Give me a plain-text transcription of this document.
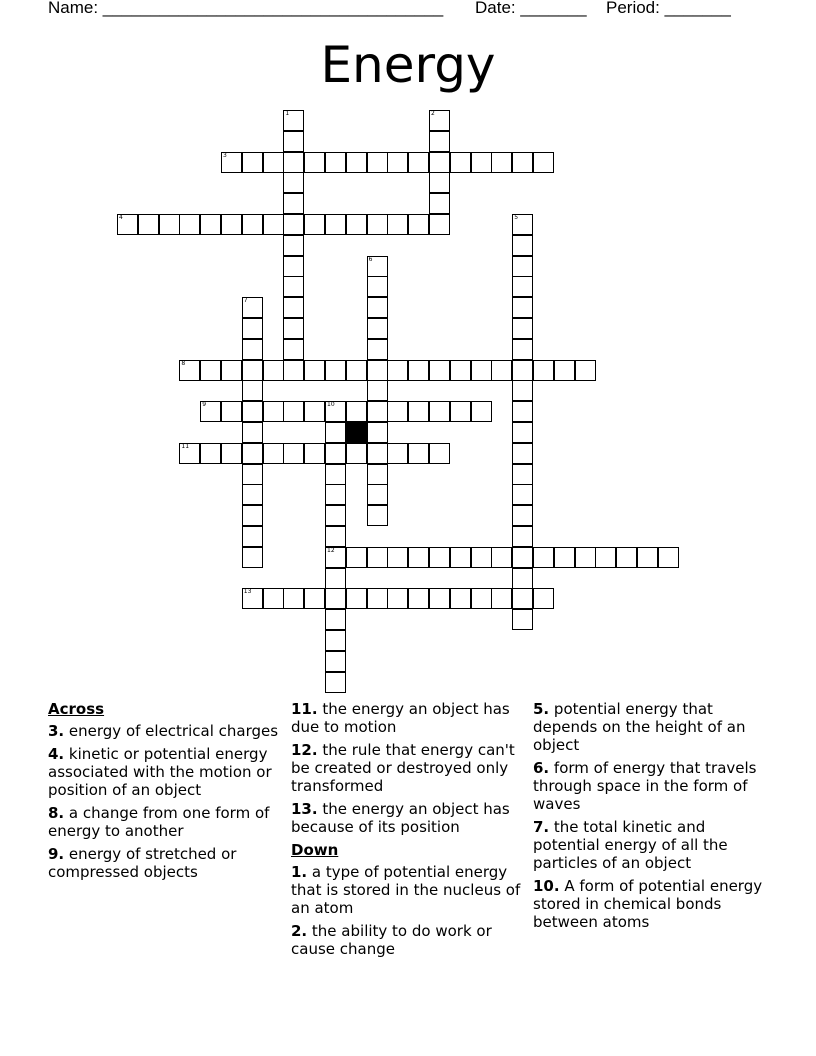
Name: ____________________________________ Date: _______ Period: _______
Energy
3
4
8
9	10
11
12
13
1	2
5
6
7
Across
3. energy of electrical charges
4. kinetic or potential energy associated with the motion or position of an object
8. a change from one form of energy to another
9. energy of stretched or compressed objects
11. the energy an object has due to motion
12. the rule that energy can't be created or destroyed only transformed
13. the energy an object has because of its position
Down
1. a type of potential energy that is stored in the nucleus of an atom
2. the ability to do work or cause change
5. potential energy that depends on the height of an object
6. form of energy that travels through space in the form of waves
7. the total kinetic and potential energy of all the particles of an object
10. A form of potential energy stored in chemical bonds between atoms
